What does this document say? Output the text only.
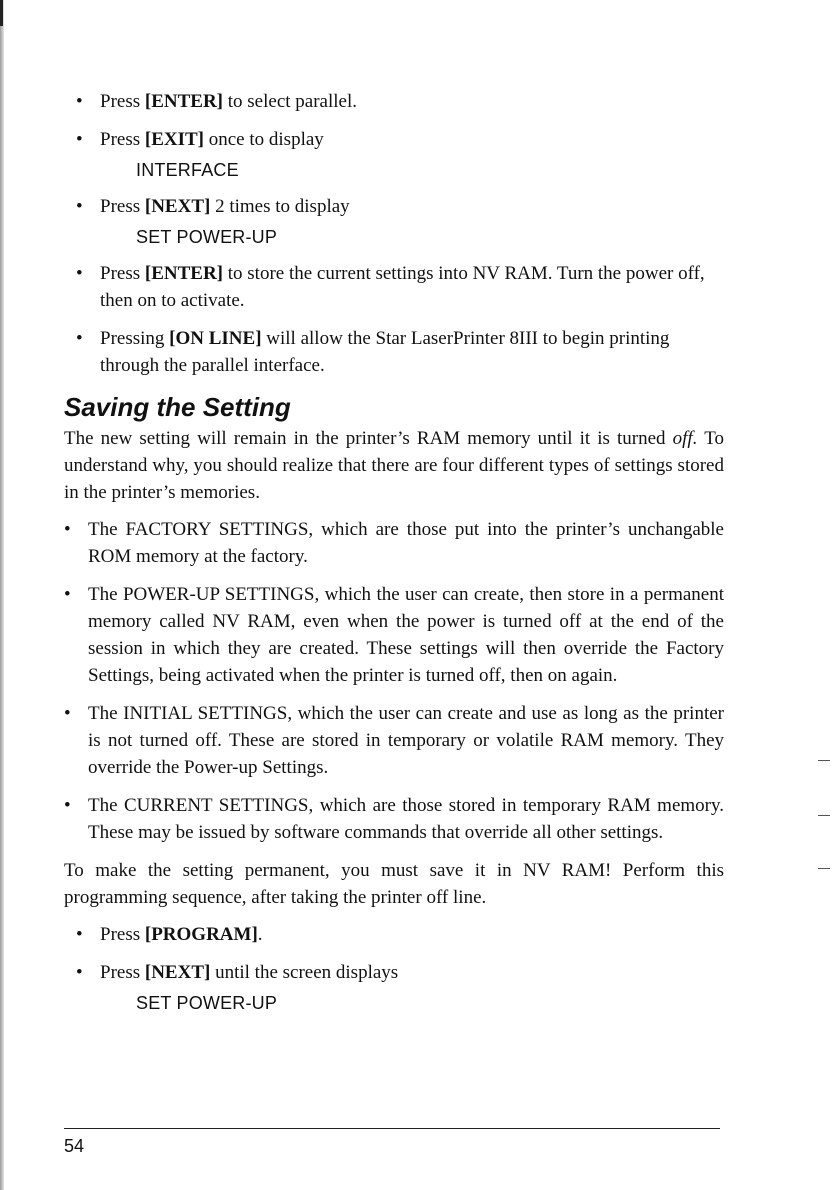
• Press [ENTER] to select parallel.
• Press [EXIT] once to display
INTERFACE
• Press [NEXT] 2 times to display
SET POWER-UP
• Press [ENTER] to store the current settings into NV RAM. Turn the power off, then on to activate.
• Pressing [ON LINE] will allow the Star LaserPrinter 8III to begin printing through the parallel interface.
Saving the Setting

The new setting will remain in the printer’s RAM memory until it is turned off. To understand why, you should realize that there are four different types of settings stored in the printer’s memories.

• The FACTORY SETTINGS, which are those put into the printer’s unchangable ROM memory at the factory.
• The POWER-UP SETTINGS, which the user can create, then store in a permanent memory called NV RAM, even when the power is turned off at the end of the session in which they are created. These settings will then override the Factory Settings, being activated when the printer is turned off, then on again.
• The INITIAL SETTINGS, which the user can create and use as long as the printer is not turned off. These are stored in temporary or volatile RAM memory. They override the Power-up Settings.
• The CURRENT SETTINGS, which are those stored in temporary RAM memory. These may be issued by software commands that override all other settings.

To make the setting permanent, you must save it in NV RAM! Perform this programming sequence, after taking the printer off line.

• Press [PROGRAM].
• Press [NEXT] until the screen displays
SET POWER-UP
54
